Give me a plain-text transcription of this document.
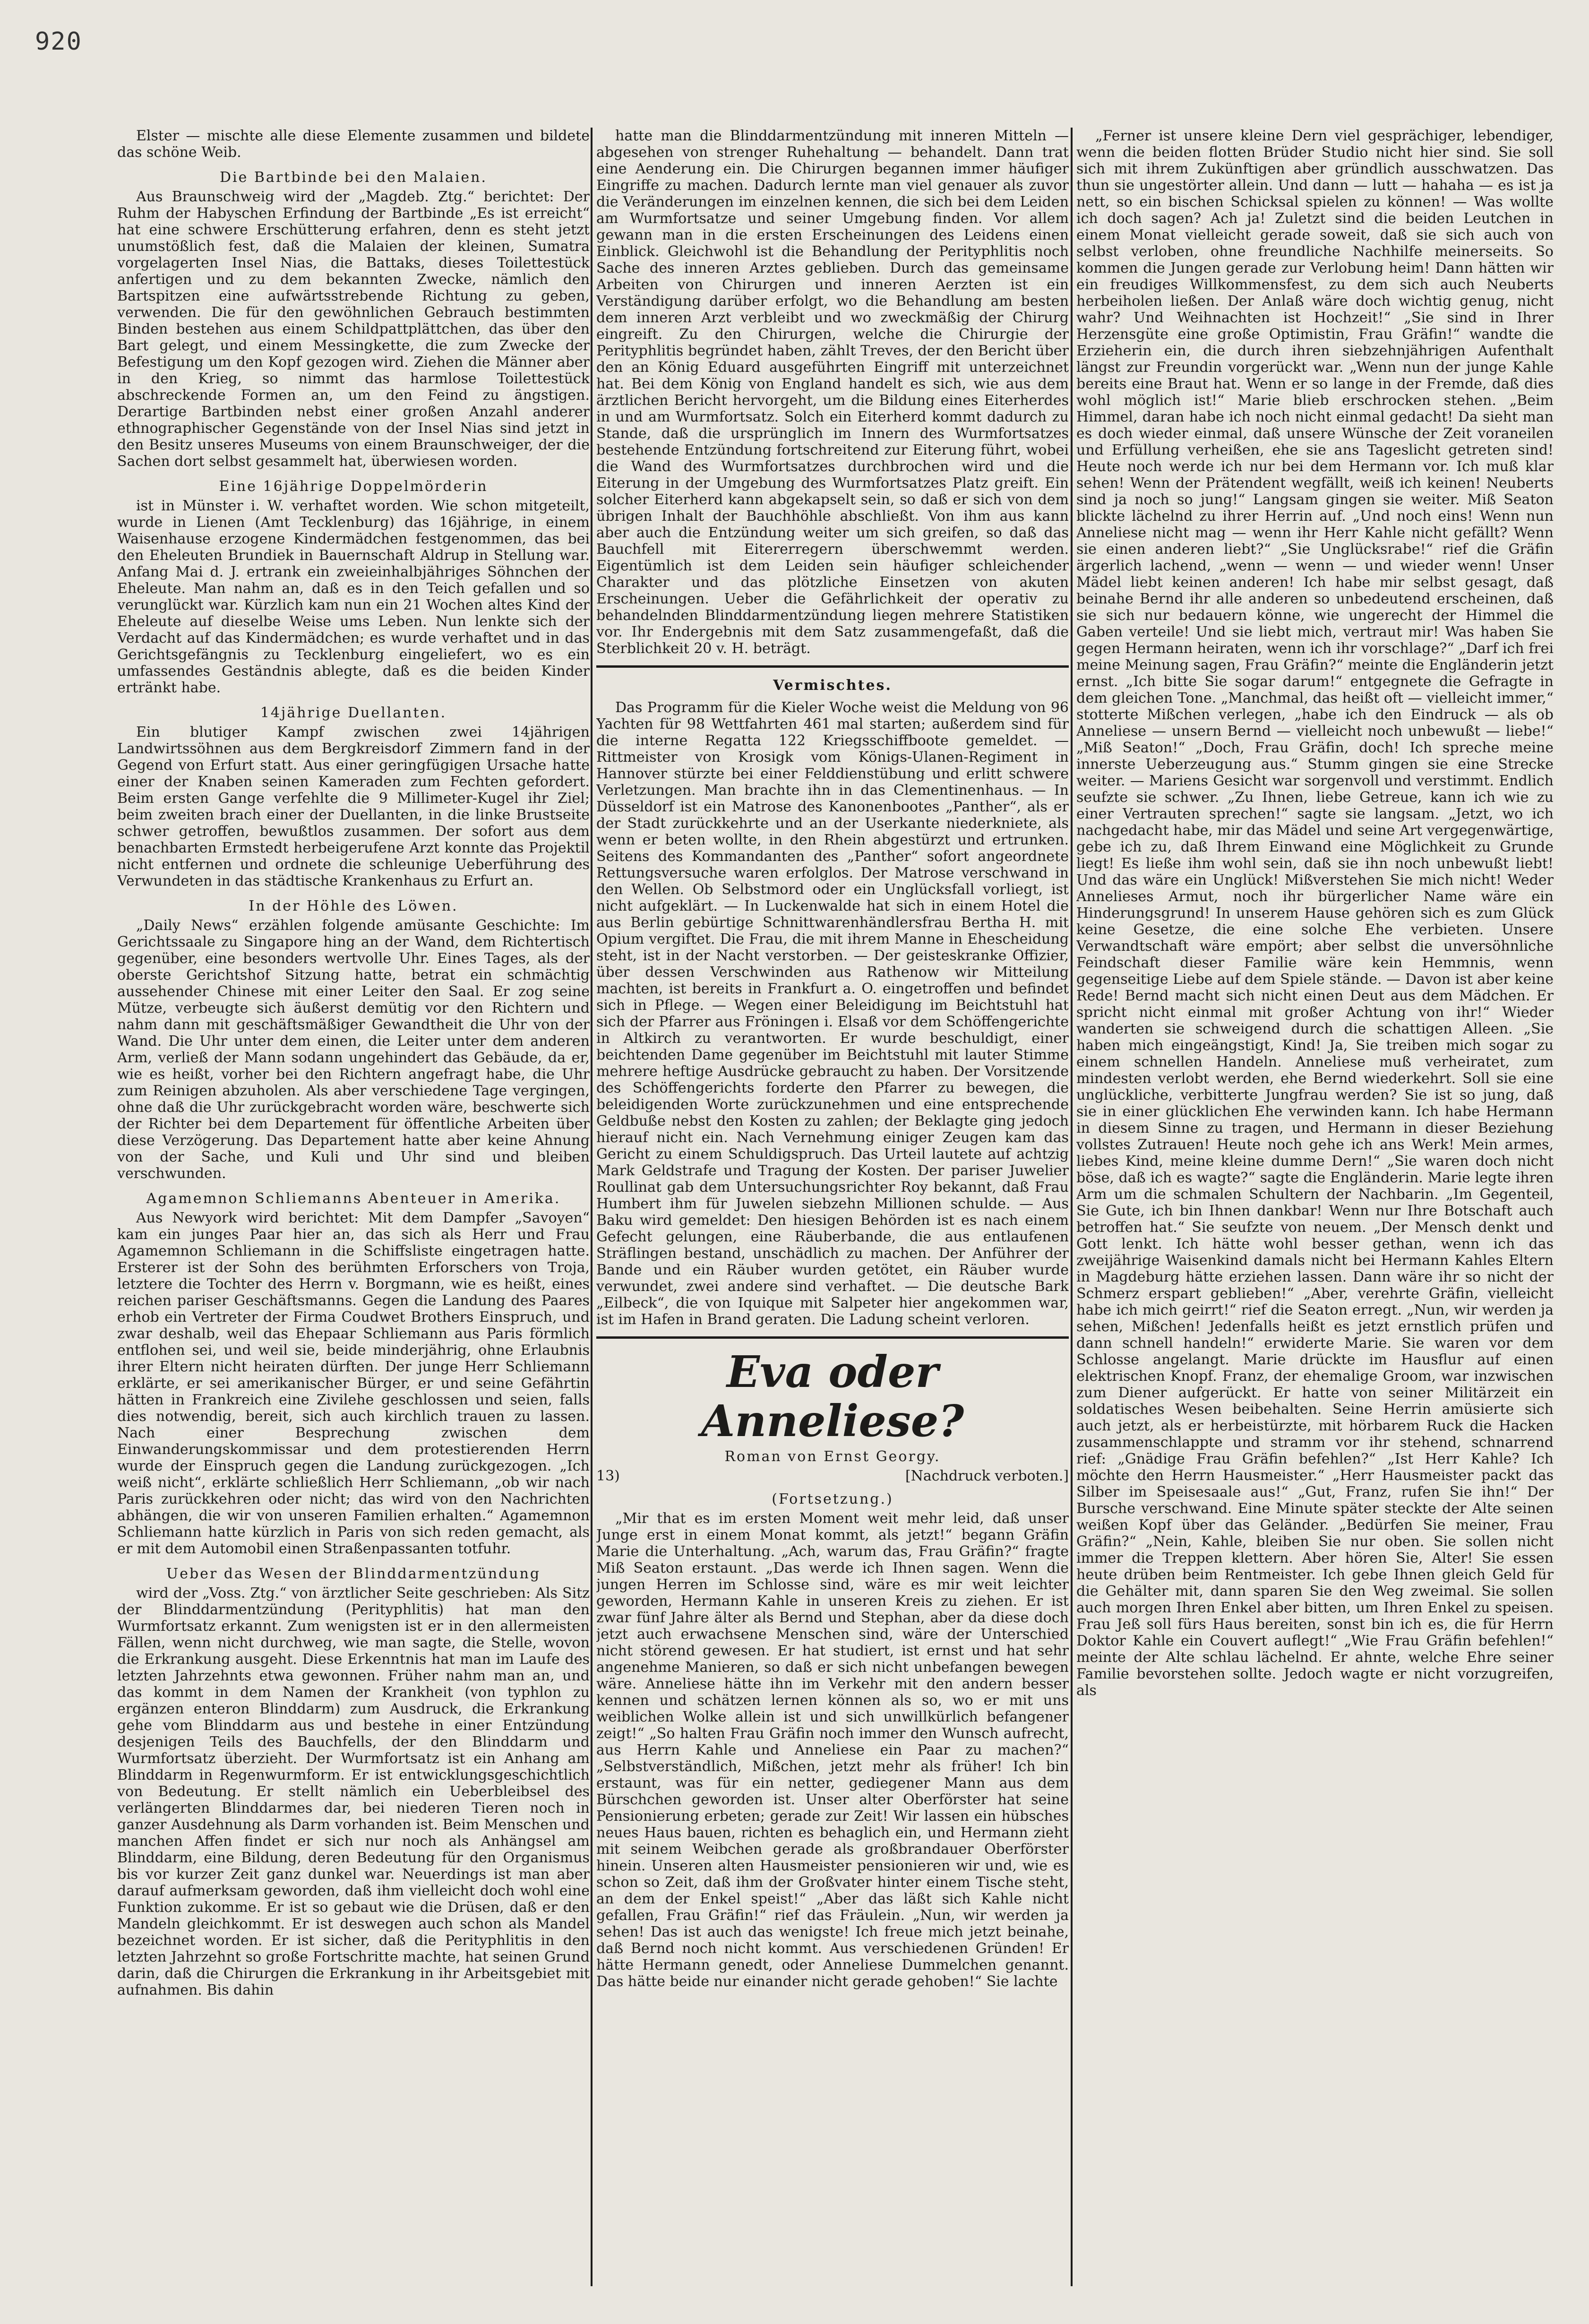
920

Elster — mischte alle diese Elemente zusammen und bildete das schöne Weib.

Die Bartbinde bei den Malaien.

Aus Braunschweig wird der „Magdeb. Ztg.“ berichtet: Der Ruhm der Habyschen Erfindung der Bartbinde „Es ist erreicht“ hat eine schwere Erschütterung erfahren, denn es steht jetzt unumstößlich fest, daß die Malaien der kleinen, Sumatra vorgelagerten Insel Nias, die Battaks, dieses Toilettestück anfertigen und zu dem bekannten Zwecke, nämlich den Bartspitzen eine aufwärtsstrebende Richtung zu geben, verwenden. Die für den gewöhnlichen Gebrauch bestimmten Binden bestehen aus einem Schildpattplättchen, das über den Bart gelegt, und einem Messingkette, die zum Zwecke der Befestigung um den Kopf gezogen wird. Ziehen die Männer aber in den Krieg, so nimmt das harmlose Toilettestück abschreckende Formen an, um den Feind zu ängstigen. Derartige Bartbinden nebst einer großen Anzahl anderer ethnographischer Gegenstände von der Insel Nias sind jetzt in den Besitz unseres Museums von einem Braunschweiger, der die Sachen dort selbst gesammelt hat, überwiesen worden.

Eine 16jährige Doppelmörderin

ist in Münster i. W. verhaftet worden. Wie schon mitgeteilt, wurde in Lienen (Amt Tecklenburg) das 16jährige, in einem Waisenhause erzogene Kindermädchen festgenommen, das bei den Eheleuten Brundiek in Bauernschaft Aldrup in Stellung war. Anfang Mai d. J. ertrank ein zweieinhalbjähriges Söhnchen der Eheleute. Man nahm an, daß es in den Teich gefallen und so verunglückt war. Kürzlich kam nun ein 21 Wochen altes Kind der Eheleute auf dieselbe Weise ums Leben. Nun lenkte sich der Verdacht auf das Kindermädchen; es wurde verhaftet und in das Gerichtsgefängnis zu Tecklenburg eingeliefert, wo es ein umfassendes Geständnis ablegte, daß es die beiden Kinder ertränkt habe.

14jährige Duellanten.

Ein blutiger Kampf zwischen zwei 14jährigen Landwirtssöhnen aus dem Bergkreisdorf Zimmern fand in der Gegend von Erfurt statt. Aus einer geringfügigen Ursache hatte einer der Knaben seinen Kameraden zum Fechten gefordert. Beim ersten Gange verfehlte die 9 Millimeter-Kugel ihr Ziel; beim zweiten brach einer der Duellanten, in die linke Brustseite schwer getroffen, bewußtlos zusammen. Der sofort aus dem benachbarten Ermstedt herbeigerufene Arzt konnte das Projektil nicht entfernen und ordnete die schleunige Ueberführung des Verwundeten in das städtische Krankenhaus zu Erfurt an.

In der Höhle des Löwen.

„Daily News“ erzählen folgende amüsante Geschichte: Im Gerichtssaale zu Singapore hing an der Wand, dem Richtertisch gegenüber, eine besonders wertvolle Uhr. Eines Tages, als der oberste Gerichtshof Sitzung hatte, betrat ein schmächtig aussehender Chinese mit einer Leiter den Saal. Er zog seine Mütze, verbeugte sich äußerst demütig vor den Richtern und nahm dann mit geschäftsmäßiger Gewandtheit die Uhr von der Wand. Die Uhr unter dem einen, die Leiter unter dem anderen Arm, verließ der Mann sodann ungehindert das Gebäude, da er, wie es heißt, vorher bei den Richtern angefragt habe, die Uhr zum Reinigen abzuholen. Als aber verschiedene Tage vergingen, ohne daß die Uhr zurückgebracht worden wäre, beschwerte sich der Richter bei dem Departement für öffentliche Arbeiten über diese Verzögerung. Das Departement hatte aber keine Ahnung von der Sache, und Kuli und Uhr sind und bleiben verschwunden.

Agamemnon Schliemanns Abenteuer in Amerika.

Aus Newyork wird berichtet: Mit dem Dampfer „Savoyen“ kam ein junges Paar hier an, das sich als Herr und Frau Agamemnon Schliemann in die Schiffsliste eingetragen hatte. Ersterer ist der Sohn des berühmten Erforschers von Troja, letztere die Tochter des Herrn v. Borgmann, wie es heißt, eines reichen pariser Geschäftsmanns. Gegen die Landung des Paares erhob ein Vertreter der Firma Coudwet Brothers Einspruch, und zwar deshalb, weil das Ehepaar Schliemann aus Paris förmlich entflohen sei, und weil sie, beide minderjährig, ohne Erlaubnis ihrer Eltern nicht heiraten dürften. Der junge Herr Schliemann erklärte, er sei amerikanischer Bürger, er und seine Gefährtin hätten in Frankreich eine Zivilehe geschlossen und seien, falls dies notwendig, bereit, sich auch kirchlich trauen zu lassen. Nach einer Besprechung zwischen dem Einwanderungskommissar und dem protestierenden Herrn wurde der Einspruch gegen die Landung zurückgezogen. „Ich weiß nicht“, erklärte schließlich Herr Schliemann, „ob wir nach Paris zurückkehren oder nicht; das wird von den Nachrichten abhängen, die wir von unseren Familien erhalten.“ Agamemnon Schliemann hatte kürzlich in Paris von sich reden gemacht, als er mit dem Automobil einen Straßenpassanten totfuhr.

Ueber das Wesen der Blinddarmentzündung

wird der „Voss. Ztg.“ von ärztlicher Seite geschrieben: Als Sitz der Blinddarmentzündung (Perityphlitis) hat man den Wurmfortsatz erkannt. Zum wenigsten ist er in den allermeisten Fällen, wenn nicht durchweg, wie man sagte, die Stelle, wovon die Erkrankung ausgeht. Diese Erkenntnis hat man im Laufe des letzten Jahrzehnts etwa gewonnen. Früher nahm man an, und das kommt in dem Namen der Krankheit (von typhlon zu ergänzen enteron Blinddarm) zum Ausdruck, die Erkrankung gehe vom Blinddarm aus und bestehe in einer Entzündung desjenigen Teils des Bauchfells, der den Blinddarm und Wurmfortsatz überzieht. Der Wurmfortsatz ist ein Anhang am Blinddarm in Regenwurmform. Er ist entwicklungsgeschichtlich von Bedeutung. Er stellt nämlich ein Ueberbleibsel des verlängerten Blinddarmes dar, bei niederen Tieren noch in ganzer Ausdehnung als Darm vorhanden ist. Beim Menschen und manchen Affen findet er sich nur noch als Anhängsel am Blinddarm, eine Bildung, deren Bedeutung für den Organismus bis vor kurzer Zeit ganz dunkel war. Neuerdings ist man aber darauf aufmerksam geworden, daß ihm vielleicht doch wohl eine Funktion zukomme. Er ist so gebaut wie die Drüsen, daß er den Mandeln gleichkommt. Er ist deswegen auch schon als Mandel bezeichnet worden. Er ist sicher, daß die Perityphlitis in den letzten Jahrzehnt so große Fortschritte machte, hat seinen Grund darin, daß die Chirurgen die Erkrankung in ihr Arbeitsgebiet mit aufnahmen. Bis dahin

hatte man die Blinddarmentzündung mit inneren Mitteln — abgesehen von strenger Ruhehaltung — behandelt. Dann trat eine Aenderung ein. Die Chirurgen begannen immer häufiger Eingriffe zu machen. Dadurch lernte man viel genauer als zuvor die Veränderungen im einzelnen kennen, die sich bei dem Leiden am Wurmfortsatze und seiner Umgebung finden. Vor allem gewann man in die ersten Erscheinungen des Leidens einen Einblick. Gleichwohl ist die Behandlung der Perityphlitis noch Sache des inneren Arztes geblieben. Durch das gemeinsame Arbeiten von Chirurgen und inneren Aerzten ist ein Verständigung darüber erfolgt, wo die Behandlung am besten dem inneren Arzt verbleibt und wo zweckmäßig der Chirurg eingreift. Zu den Chirurgen, welche die Chirurgie der Perityphlitis begründet haben, zählt Treves, der den Bericht über den an König Eduard ausgeführten Eingriff mit unterzeichnet hat. Bei dem König von England handelt es sich, wie aus dem ärztlichen Bericht hervorgeht, um die Bildung eines Eiterherdes in und am Wurmfortsatz. Solch ein Eiterherd kommt dadurch zu Stande, daß die ursprünglich im Innern des Wurmfortsatzes bestehende Entzündung fortschreitend zur Eiterung führt, wobei die Wand des Wurmfortsatzes durchbrochen wird und die Eiterung in der Umgebung des Wurmfortsatzes Platz greift. Ein solcher Eiterherd kann abgekapselt sein, so daß er sich von dem übrigen Inhalt der Bauchhöhle abschließt. Von ihm aus kann aber auch die Entzündung weiter um sich greifen, so daß das Bauchfell mit Eitererregern überschwemmt werden. Eigentümlich ist dem Leiden sein häufiger schleichender Charakter und das plötzliche Einsetzen von akuten Erscheinungen. Ueber die Gefährlichkeit der operativ zu behandelnden Blinddarmentzündung liegen mehrere Statistiken vor. Ihr Endergebnis mit dem Satz zusammengefaßt, daß die Sterblichkeit 20 v. H. beträgt.

Vermischtes.

Das Programm für die Kieler Woche weist die Meldung von 96 Yachten für 98 Wettfahrten 461 mal starten; außerdem sind für die interne Regatta 122 Kriegsschiffboote gemeldet. — Rittmeister von Krosigk vom Königs-Ulanen-Regiment in Hannover stürzte bei einer Felddienstübung und erlitt schwere Verletzungen. Man brachte ihn in das Clementinenhaus. — In Düsseldorf ist ein Matrose des Kanonenbootes „Panther“, als er der Stadt zurückkehrte und an der Userkante niederkniete, als wenn er beten wollte, in den Rhein abgestürzt und ertrunken. Seitens des Kommandanten des „Panther“ sofort angeordnete Rettungsversuche waren erfolglos. Der Matrose verschwand in den Wellen. Ob Selbstmord oder ein Unglücksfall vorliegt, ist nicht aufgeklärt. — In Luckenwalde hat sich in einem Hotel die aus Berlin gebürtige Schnittwarenhändlersfrau Bertha H. mit Opium vergiftet. Die Frau, die mit ihrem Manne in Ehescheidung steht, ist in der Nacht verstorben. — Der geisteskranke Offizier, über dessen Verschwinden aus Rathenow wir Mitteilung machten, ist bereits in Frankfurt a. O. eingetroffen und befindet sich in Pflege. — Wegen einer Beleidigung im Beichtstuhl hat sich der Pfarrer aus Fröningen i. Elsaß vor dem Schöffengerichte in Altkirch zu verantworten. Er wurde beschuldigt, einer beichtenden Dame gegenüber im Beichtstuhl mit lauter Stimme mehrere heftige Ausdrücke gebraucht zu haben. Der Vorsitzende des Schöffengerichts forderte den Pfarrer zu bewegen, die beleidigenden Worte zurückzunehmen und eine entsprechende Geldbuße nebst den Kosten zu zahlen; der Beklagte ging jedoch hierauf nicht ein. Nach Vernehmung einiger Zeugen kam das Gericht zu einem Schuldigspruch. Das Urteil lautete auf achtzig Mark Geldstrafe und Tragung der Kosten. Der pariser Juwelier Roullinat gab dem Untersuchungsrichter Roy bekannt, daß Frau Humbert ihm für Juwelen siebzehn Millionen schulde. — Aus Baku wird gemeldet: Den hiesigen Behörden ist es nach einem Gefecht gelungen, eine Räuberbande, die aus entlaufenen Sträflingen bestand, unschädlich zu machen. Der Anführer der Bande und ein Räuber wurden getötet, ein Räuber wurde verwundet, zwei andere sind verhaftet. — Die deutsche Bark „Eilbeck“, die von Iquique mit Salpeter hier angekommen war, ist im Hafen in Brand geraten. Die Ladung scheint verloren.

Eva oder Anneliese?
Roman von Ernst Georgy.
13)	[Nachdruck verboten.]
(Fortsetzung.)

„Mir that es im ersten Moment weit mehr leid, daß unser Junge erst in einem Monat kommt, als jetzt!“ begann Gräfin Marie die Unterhaltung. „Ach, warum das, Frau Gräfin?“ fragte Miß Seaton erstaunt. „Das werde ich Ihnen sagen. Wenn die jungen Herren im Schlosse sind, wäre es mir weit leichter geworden, Hermann Kahle in unseren Kreis zu ziehen. Er ist zwar fünf Jahre älter als Bernd und Stephan, aber da diese doch jetzt auch erwachsene Menschen sind, wäre der Unterschied nicht störend gewesen. Er hat studiert, ist ernst und hat sehr angenehme Manieren, so daß er sich nicht unbefangen bewegen wäre. Anneliese hätte ihn im Verkehr mit den andern besser kennen und schätzen lernen können als so, wo er mit uns weiblichen Wolke allein ist und sich unwillkürlich befangener zeigt!“ „So halten Frau Gräfin noch immer den Wunsch aufrecht, aus Herrn Kahle und Anneliese ein Paar zu machen?“ „Selbstverständlich, Mißchen, jetzt mehr als früher! Ich bin erstaunt, was für ein netter, gediegener Mann aus dem Bürschchen geworden ist. Unser alter Oberförster hat seine Pensionierung erbeten; gerade zur Zeit! Wir lassen ein hübsches neues Haus bauen, richten es behaglich ein, und Hermann zieht mit seinem Weibchen gerade als großbrandauer Oberförster hinein. Unseren alten Hausmeister pensionieren wir und, wie es schon so Zeit, daß ihm der Großvater hinter einem Tische steht, an dem der Enkel speist!“ „Aber das läßt sich Kahle nicht gefallen, Frau Gräfin!“ rief das Fräulein. „Nun, wir werden ja sehen! Das ist auch das wenigste! Ich freue mich jetzt beinahe, daß Bernd noch nicht kommt. Aus verschiedenen Gründen! Er hätte Hermann genedt, oder Anneliese Dummelchen genannt. Das hätte beide nur einander nicht gerade gehoben!“ Sie lachte

„Ferner ist unsere kleine Dern viel gesprächiger, lebendiger, wenn die beiden flotten Brüder Studio nicht hier sind. Sie soll sich mit ihrem Zukünftigen aber gründlich ausschwatzen. Das thun sie ungestörter allein. Und dann — lutt — hahaha — es ist ja nett, so ein bischen Schicksal spielen zu können! — Was wollte ich doch sagen? Ach ja! Zuletzt sind die beiden Leutchen in einem Monat vielleicht gerade soweit, daß sie sich auch von selbst verloben, ohne freundliche Nachhilfe meinerseits. So kommen die Jungen gerade zur Verlobung heim! Dann hätten wir ein freudiges Willkommensfest, zu dem sich auch Neuberts herbeiholen ließen. Der Anlaß wäre doch wichtig genug, nicht wahr? Und Weihnachten ist Hochzeit!“ „Sie sind in Ihrer Herzensgüte eine große Optimistin, Frau Gräfin!“ wandte die Erzieherin ein, die durch ihren siebzehnjährigen Aufenthalt längst zur Freundin vorgerückt war. „Wenn nun der junge Kahle bereits eine Braut hat. Wenn er so lange in der Fremde, daß dies wohl möglich ist!“ Marie blieb erschrocken stehen. „Beim Himmel, daran habe ich noch nicht einmal gedacht! Da sieht man es doch wieder einmal, daß unsere Wünsche der Zeit voraneilen und Erfüllung verheißen, ehe sie ans Tageslicht getreten sind! Heute noch werde ich nur bei dem Hermann vor. Ich muß klar sehen! Wenn der Prätendent wegfällt, weiß ich keinen! Neuberts sind ja noch so jung!“ Langsam gingen sie weiter. Miß Seaton blickte lächelnd zu ihrer Herrin auf. „Und noch eins! Wenn nun Anneliese nicht mag — wenn ihr Herr Kahle nicht gefällt? Wenn sie einen anderen liebt?“ „Sie Unglücksrabe!“ rief die Gräfin ärgerlich lachend, „wenn — wenn — und wieder wenn! Unser Mädel liebt keinen anderen! Ich habe mir selbst gesagt, daß beinahe Bernd ihr alle anderen so unbedeutend erscheinen, daß sie sich nur bedauern könne, wie ungerecht der Himmel die Gaben verteile! Und sie liebt mich, vertraut mir! Was haben Sie gegen Hermann heiraten, wenn ich ihr vorschlage?“ „Darf ich frei meine Meinung sagen, Frau Gräfin?“ meinte die Engländerin jetzt ernst. „Ich bitte Sie sogar darum!“ entgegnete die Gefragte in dem gleichen Tone. „Manchmal, das heißt oft — vielleicht immer,“ stotterte Mißchen verlegen, „habe ich den Eindruck — als ob Anneliese — unsern Bernd — vielleicht noch unbewußt — liebe!“ „Miß Seaton!“ „Doch, Frau Gräfin, doch! Ich spreche meine innerste Ueberzeugung aus.“ Stumm gingen sie eine Strecke weiter. — Mariens Gesicht war sorgenvoll und verstimmt. Endlich seufzte sie schwer. „Zu Ihnen, liebe Getreue, kann ich wie zu einer Vertrauten sprechen!“ sagte sie langsam. „Jetzt, wo ich nachgedacht habe, mir das Mädel und seine Art vergegenwärtige, gebe ich zu, daß Ihrem Einwand eine Möglichkeit zu Grunde liegt! Es ließe ihm wohl sein, daß sie ihn noch unbewußt liebt! Und das wäre ein Unglück! Mißverstehen Sie mich nicht! Weder Annelieses Armut, noch ihr bürgerlicher Name wäre ein Hinderungsgrund! In unserem Hause gehören sich es zum Glück keine Gesetze, die eine solche Ehe verbieten. Unsere Verwandtschaft wäre empört; aber selbst die unversöhnliche Feindschaft dieser Familie wäre kein Hemmnis, wenn gegenseitige Liebe auf dem Spiele stände. — Davon ist aber keine Rede! Bernd macht sich nicht einen Deut aus dem Mädchen. Er spricht nicht einmal mit großer Achtung von ihr!“ Wieder wanderten sie schweigend durch die schattigen Alleen. „Sie haben mich eingeängstigt, Kind! Ja, Sie treiben mich sogar zu einem schnellen Handeln. Anneliese muß verheiratet, zum mindesten verlobt werden, ehe Bernd wiederkehrt. Soll sie eine unglückliche, verbitterte Jungfrau werden? Sie ist so jung, daß sie in einer glücklichen Ehe verwinden kann. Ich habe Hermann in diesem Sinne zu tragen, und Hermann in dieser Beziehung vollstes Zutrauen! Heute noch gehe ich ans Werk! Mein armes, liebes Kind, meine kleine dumme Dern!“ „Sie waren doch nicht böse, daß ich es wagte?“ sagte die Engländerin. Marie legte ihren Arm um die schmalen Schultern der Nachbarin. „Im Gegenteil, Sie Gute, ich bin Ihnen dankbar! Wenn nur Ihre Botschaft auch betroffen hat.“ Sie seufzte von neuem. „Der Mensch denkt und Gott lenkt. Ich hätte wohl besser gethan, wenn ich das zweijährige Waisenkind damals nicht bei Hermann Kahles Eltern in Magdeburg hätte erziehen lassen. Dann wäre ihr so nicht der Schmerz erspart geblieben!“ „Aber, verehrte Gräfin, vielleicht habe ich mich geirrt!“ rief die Seaton erregt. „Nun, wir werden ja sehen, Mißchen! Jedenfalls heißt es jetzt ernstlich prüfen und dann schnell handeln!“ erwiderte Marie. Sie waren vor dem Schlosse angelangt. Marie drückte im Hausflur auf einen elektrischen Knopf. Franz, der ehemalige Groom, war inzwischen zum Diener aufgerückt. Er hatte von seiner Militärzeit ein soldatisches Wesen beibehalten. Seine Herrin amüsierte sich auch jetzt, als er herbeistürzte, mit hörbarem Ruck die Hacken zusammenschlappte und stramm vor ihr stehend, schnarrend rief: „Gnädige Frau Gräfin befehlen?“ „Ist Herr Kahle? Ich möchte den Herrn Hausmeister.“ „Herr Hausmeister packt das Silber im Speisesaale aus!“ „Gut, Franz, rufen Sie ihn!“ Der Bursche verschwand. Eine Minute später steckte der Alte seinen weißen Kopf über das Geländer. „Bedürfen Sie meiner, Frau Gräfin?“ „Nein, Kahle, bleiben Sie nur oben. Sie sollen nicht immer die Treppen klettern. Aber hören Sie, Alter! Sie essen heute drüben beim Rentmeister. Ich gebe Ihnen gleich Geld für die Gehälter mit, dann sparen Sie den Weg zweimal. Sie sollen auch morgen Ihren Enkel aber bitten, um Ihren Enkel zu speisen. Frau Jeß soll fürs Haus bereiten, sonst bin ich es, die für Herrn Doktor Kahle ein Couvert auflegt!“ „Wie Frau Gräfin befehlen!“ meinte der Alte schlau lächelnd. Er ahnte, welche Ehre seiner Familie bevorstehen sollte. Jedoch wagte er nicht vorzugreifen, als
